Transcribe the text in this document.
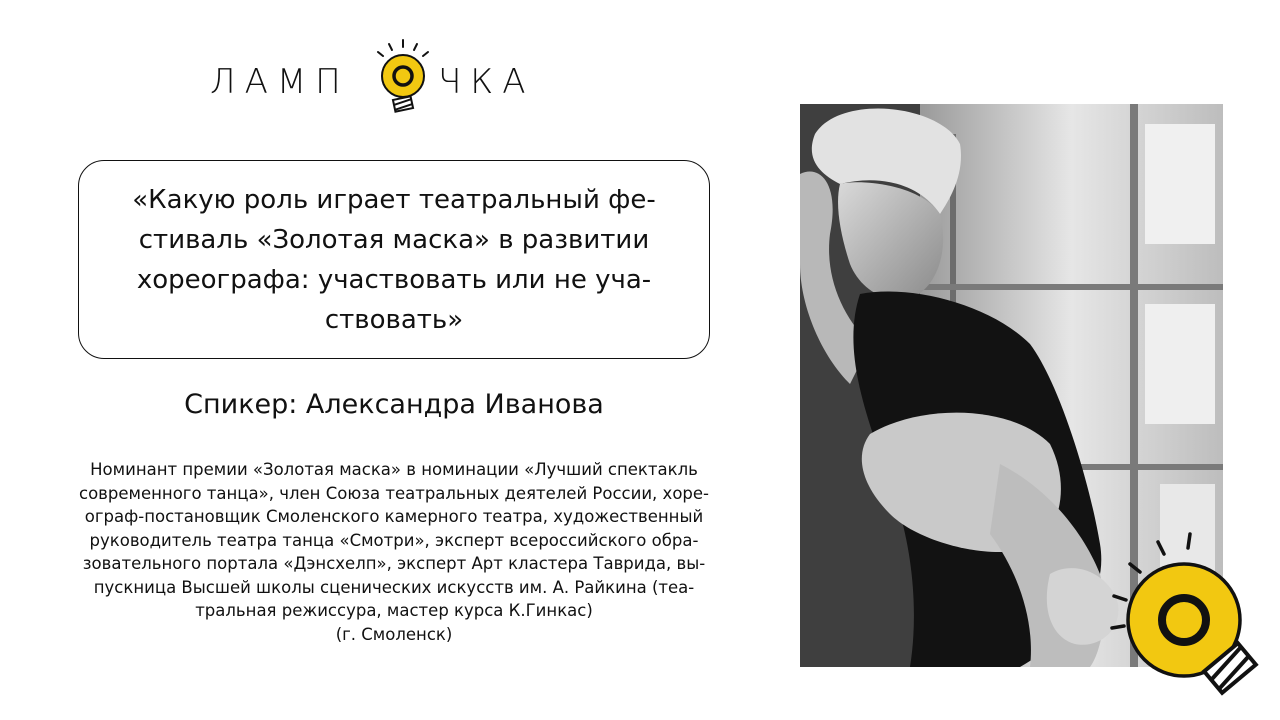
ЛАМП	ЧКА
«Какую роль играет театральный фе-
стиваль «Золотая маска» в развитии
хореографа: участвовать или не уча-
ствовать»
Спикер: Александра Иванова
Номинант премии «Золотая маска» в номинации «Лучший спектакль
современного танца», член Союза театральных деятелей России, хоре-
ограф-постановщик Смоленского камерного театра, художественный
руководитель театра танца «Смотри», эксперт всероссийского обра-
зовательного портала «Дэнсхелп», эксперт Арт кластера Таврида, вы-
пускница Высшей школы сценических искусств им. А. Райкина (теа-
тральная режиссура, мастер курса К.Гинкас)
(г. Смоленск)
